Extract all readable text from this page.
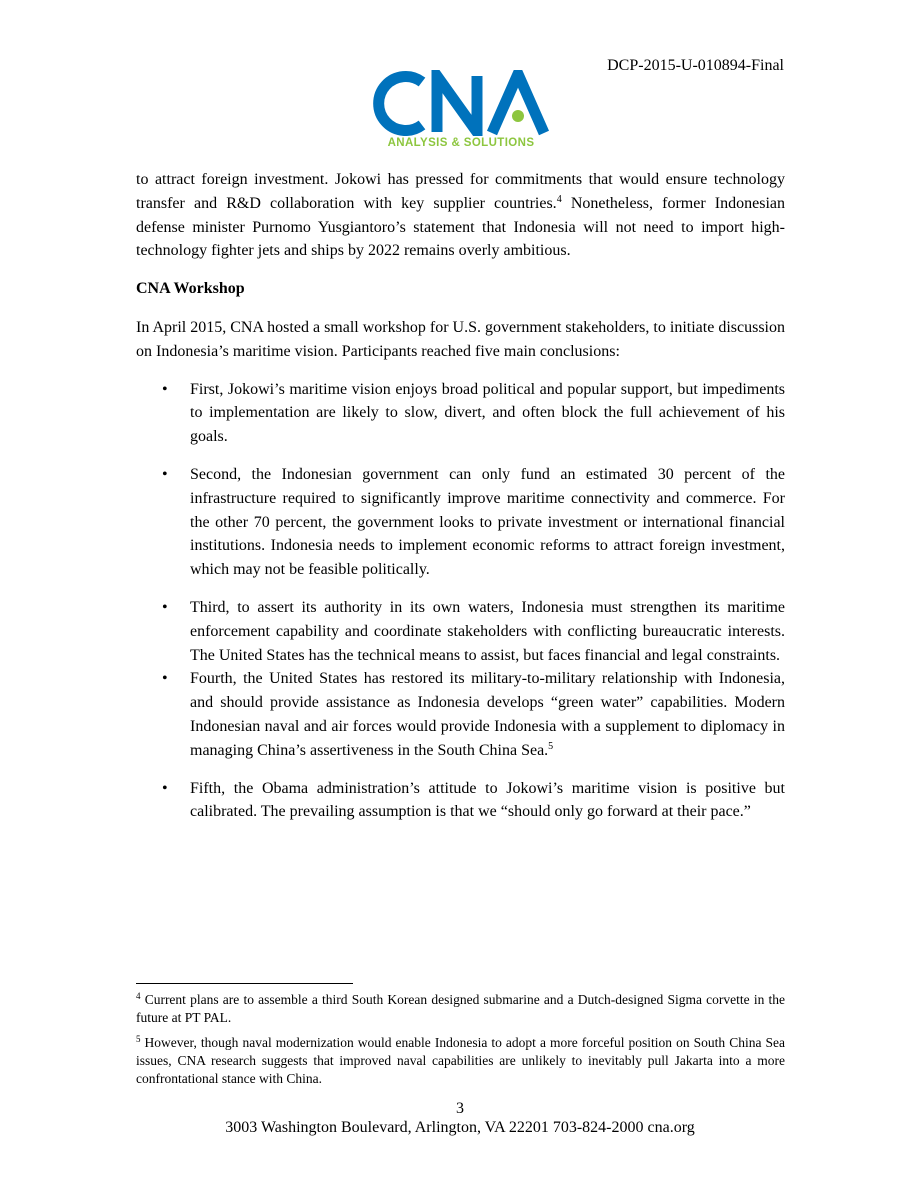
DCP-2015-U-010894-Final
ANALYSIS & SOLUTIONS

to attract foreign investment. Jokowi has pressed for commitments that would ensure technology transfer and R&D collaboration with key supplier countries.$^4$ Nonetheless, former Indonesian defense minister Purnomo Yusgiantoro’s statement that Indonesia will not need to import high-technology fighter jets and ships by 2022 remains overly ambitious.

CNA Workshop

In April 2015, CNA hosted a small workshop for U.S. government stakeholders, to initiate discussion on Indonesia’s maritime vision. Participants reached five main conclusions:

• First, Jokowi’s maritime vision enjoys broad political and popular support, but impediments to implementation are likely to slow, divert, and often block the full achievement of his goals.
• Second, the Indonesian government can only fund an estimated 30 percent of the infrastructure required to significantly improve maritime connectivity and commerce. For the other 70 percent, the government looks to private investment or international financial institutions. Indonesia needs to implement economic reforms to attract foreign investment, which may not be feasible politically.
• Third, to assert its authority in its own waters, Indonesia must strengthen its maritime enforcement capability and coordinate stakeholders with conflicting bureaucratic interests. The United States has the technical means to assist, but faces financial and legal constraints.
• Fourth, the United States has restored its military-to-military relationship with Indonesia, and should provide assistance as Indonesia develops “green water” capabilities. Modern Indonesian naval and air forces would provide Indonesia with a supplement to diplomacy in managing China’s assertiveness in the South China Sea.$^5$
• Fifth, the Obama administration’s attitude to Jokowi’s maritime vision is positive but calibrated. The prevailing assumption is that we “should only go forward at their pace.”

$^4$ Current plans are to assemble a third South Korean designed submarine and a Dutch-designed Sigma corvette in the future at PT PAL.

$^5$ However, though naval modernization would enable Indonesia to adopt a more forceful position on South China Sea issues, CNA research suggests that improved naval capabilities are unlikely to inevitably pull Jakarta into a more confrontational stance with China.

3
3003 Washington Boulevard, Arlington, VA 22201 703-824-2000 cna.org
